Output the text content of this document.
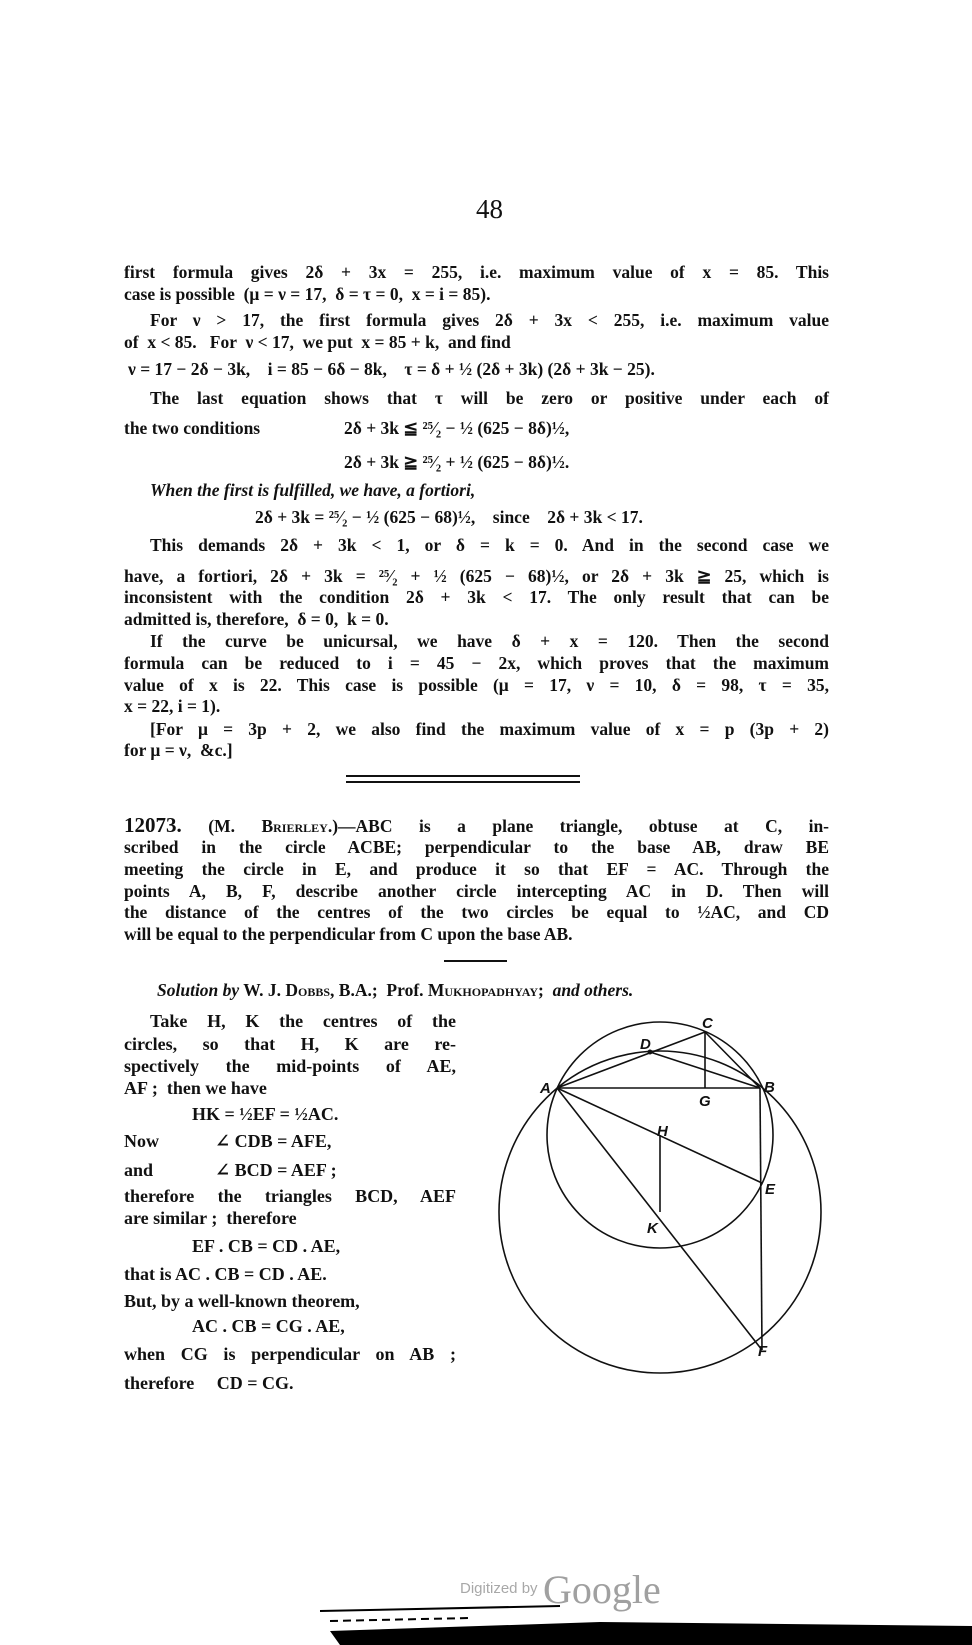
48
first formula gives 2δ + 3x = 255, i.e. maximum value of x = 85. This
case is possible  (μ = ν = 17,  δ = τ = 0,  x = i = 85).
For ν > 17, the first formula gives 2δ + 3x < 255, i.e. maximum value
of  x < 85.   For  ν < 17,  we put  x = 85 + k,  and find
ν = 17 − 2δ − 3k,    i = 85 − 6δ − 8k,    τ = δ + ½ (2δ + 3k) (2δ + 3k − 25).
The last equation shows that τ will be zero or positive under each of
the two conditions	2δ + 3k ≦ ²⁵⁄₂ − ½ (625 − 8δ)½,
2δ + 3k ≧ ²⁵⁄₂ + ½ (625 − 8δ)½.
When the first is fulfilled, we have, a fortiori,
2δ + 3k = ²⁵⁄₂ − ½ (625 − 68)½,    since    2δ + 3k < 17.
This demands 2δ + 3k < 1, or δ = k = 0. And in the second case we
have, a fortiori, 2δ + 3k = ²⁵⁄₂ + ½ (625 − 68)½, or 2δ + 3k ≧ 25, which is
inconsistent with the condition 2δ + 3k < 17. The only result that can be
admitted is, therefore,  δ = 0,  k = 0.
If the curve be unicursal, we have δ + x = 120. Then the second
formula can be reduced to i = 45 − 2x, which proves that the maximum
value of x is 22. This case is possible (μ = 17, ν = 10, δ = 98, τ = 35,
x = 22, i = 1).
[For μ = 3p + 2, we also find the maximum value of x = p (3p + 2)
for μ = ν,  &c.]
12073. (M. Brierley.)—ABC is a plane triangle, obtuse at C, in-
scribed in the circle ACBE; perpendicular to the base AB, draw BE
meeting the circle in E, and produce it so that EF = AC. Through the
points A, B, F, describe another circle intercepting AC in D. Then will
the distance of the centres of the two circles be equal to ½AC, and CD
will be equal to the perpendicular from C upon the base AB.
Solution by W. J. Dobbs, B.A.;  Prof. Mukhopadhyay;  and others.
Take H, K the centres of the
circles, so that H, K are re-
spectively the mid-points of AE,
AF ;  then we have
HK = ½EF = ½AC.
Now	∠ CDB = AFE,
and	∠ BCD = AEF ;
therefore the triangles BCD, AEF
are similar ;  therefore
EF . CB = CD . AE,
that is AC . CB = CD . AE.
But, by a well-known theorem,
AC . CB = CG . AE,
when CG is perpendicular on AB ;
therefore     CD = CG.
C
D
A	B
G
H
E
K
F
Digitized by Google
